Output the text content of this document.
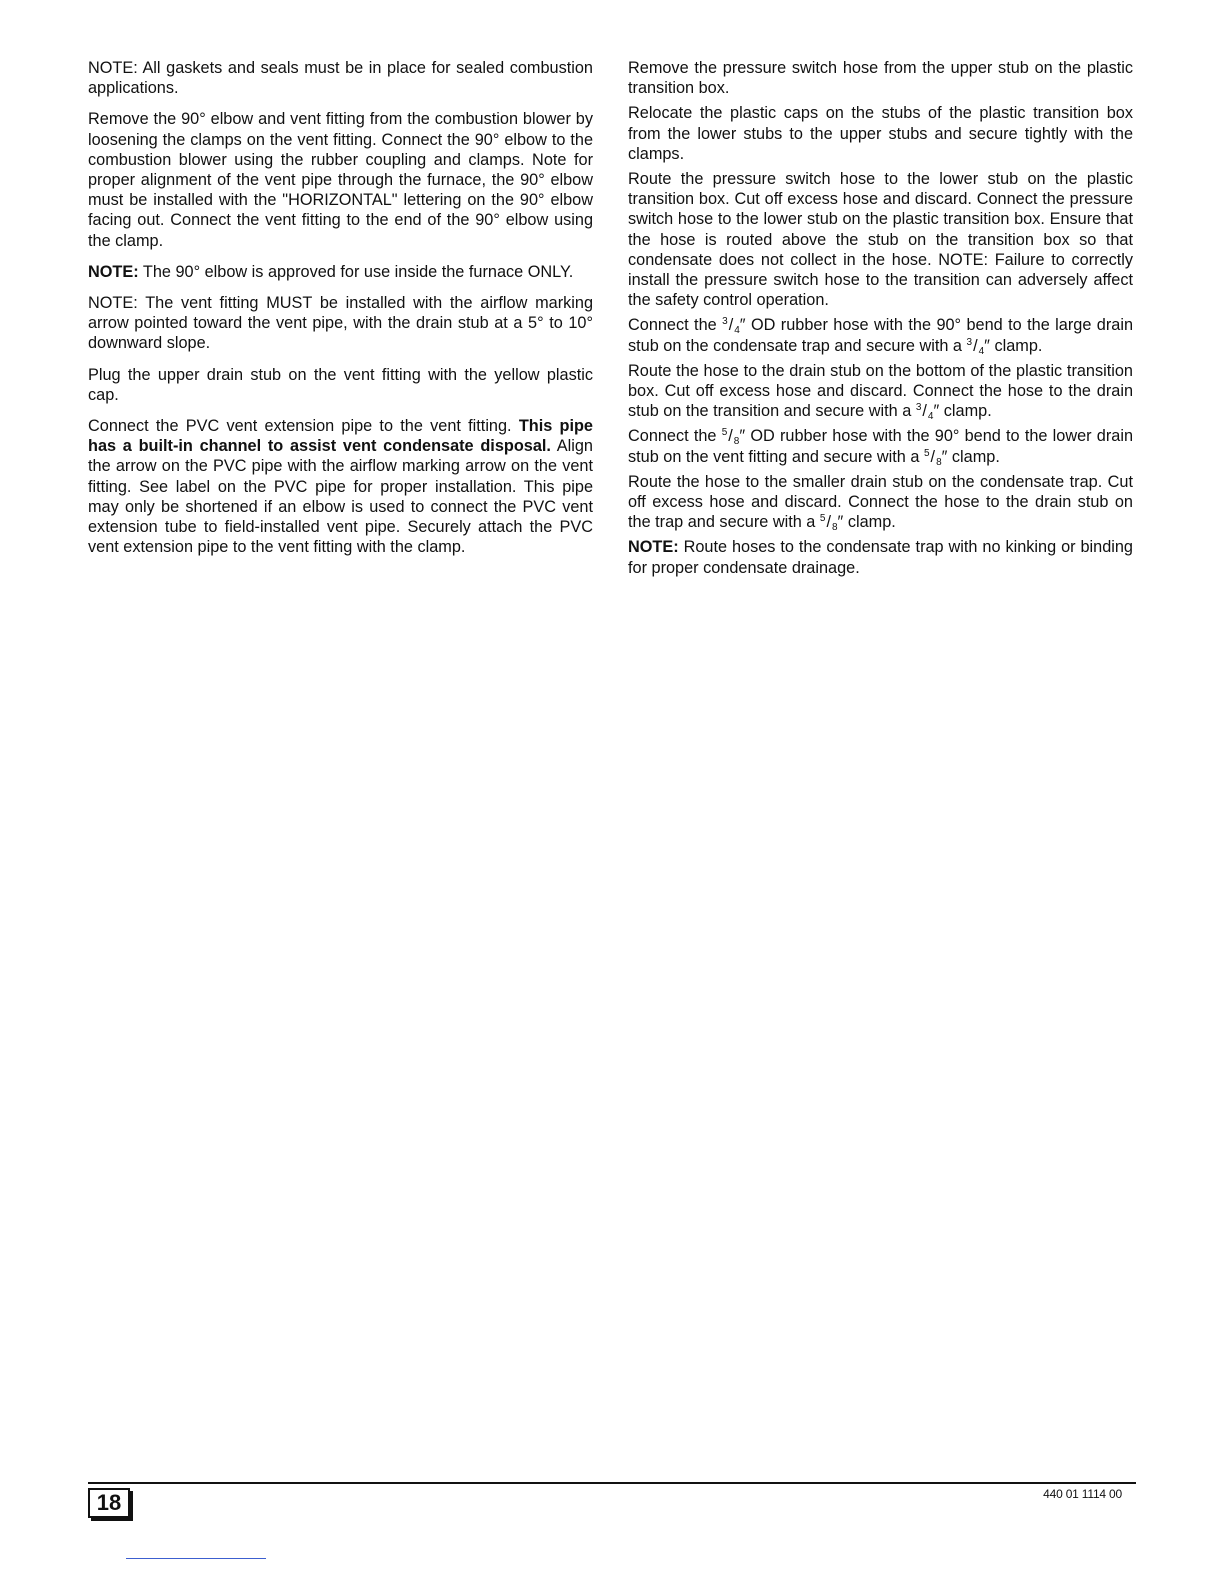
NOTE: All gaskets and seals must be in place for sealed combustion applications.

Remove the 90° elbow and vent fitting from the combustion blower by loosening the clamps on the vent fitting. Connect the 90° elbow to the combustion blower using the rubber coupling and clamps. Note for proper alignment of the vent pipe through the furnace, the 90° elbow must be installed with the "HORIZONTAL" lettering on the 90° elbow facing out. Connect the vent fitting to the end of the 90° elbow using the clamp.

NOTE: The 90° elbow is approved for use inside the furnace ONLY.

NOTE: The vent fitting MUST be installed with the airflow marking arrow pointed toward the vent pipe, with the drain stub at a 5° to 10° downward slope.

Plug the upper drain stub on the vent fitting with the yellow plastic cap.

Connect the PVC vent extension pipe to the vent fitting. This pipe has a built-in channel to assist vent condensate disposal. Align the arrow on the PVC pipe with the airflow marking arrow on the vent fitting. See label on the PVC pipe for proper installation. This pipe may only be shortened if an elbow is used to connect the PVC vent extension tube to field-installed vent pipe. Securely attach the PVC vent extension pipe to the vent fitting with the clamp.

Remove the pressure switch hose from the upper stub on the plastic transition box.

Relocate the plastic caps on the stubs of the plastic transition box from the lower stubs to the upper stubs and secure tightly with the clamps.

Route the pressure switch hose to the lower stub on the plastic transition box. Cut off excess hose and discard. Connect the pressure switch hose to the lower stub on the plastic transition box. Ensure that the hose is routed above the stub on the transition box so that condensate does not collect in the hose. NOTE: Failure to correctly install the pressure switch hose to the transition can adversely affect the safety control operation.

Connect the $^3/_4''$ OD rubber hose with the 90° bend to the large drain stub on the condensate trap and secure with a $^3/_4''$ clamp.

Route the hose to the drain stub on the bottom of the plastic transition box. Cut off excess hose and discard. Connect the hose to the drain stub on the transition and secure with a $^3/_4''$ clamp.

Connect the $^5/_8''$ OD rubber hose with the 90° bend to the lower drain stub on the vent fitting and secure with a $^5/_8''$ clamp.

Route the hose to the smaller drain stub on the condensate trap. Cut off excess hose and discard. Connect the hose to the drain stub on the trap and secure with a $^5/_8''$ clamp.

NOTE: Route hoses to the condensate trap with no kinking or binding for proper condensate drainage.

18	440 01 1114 00
